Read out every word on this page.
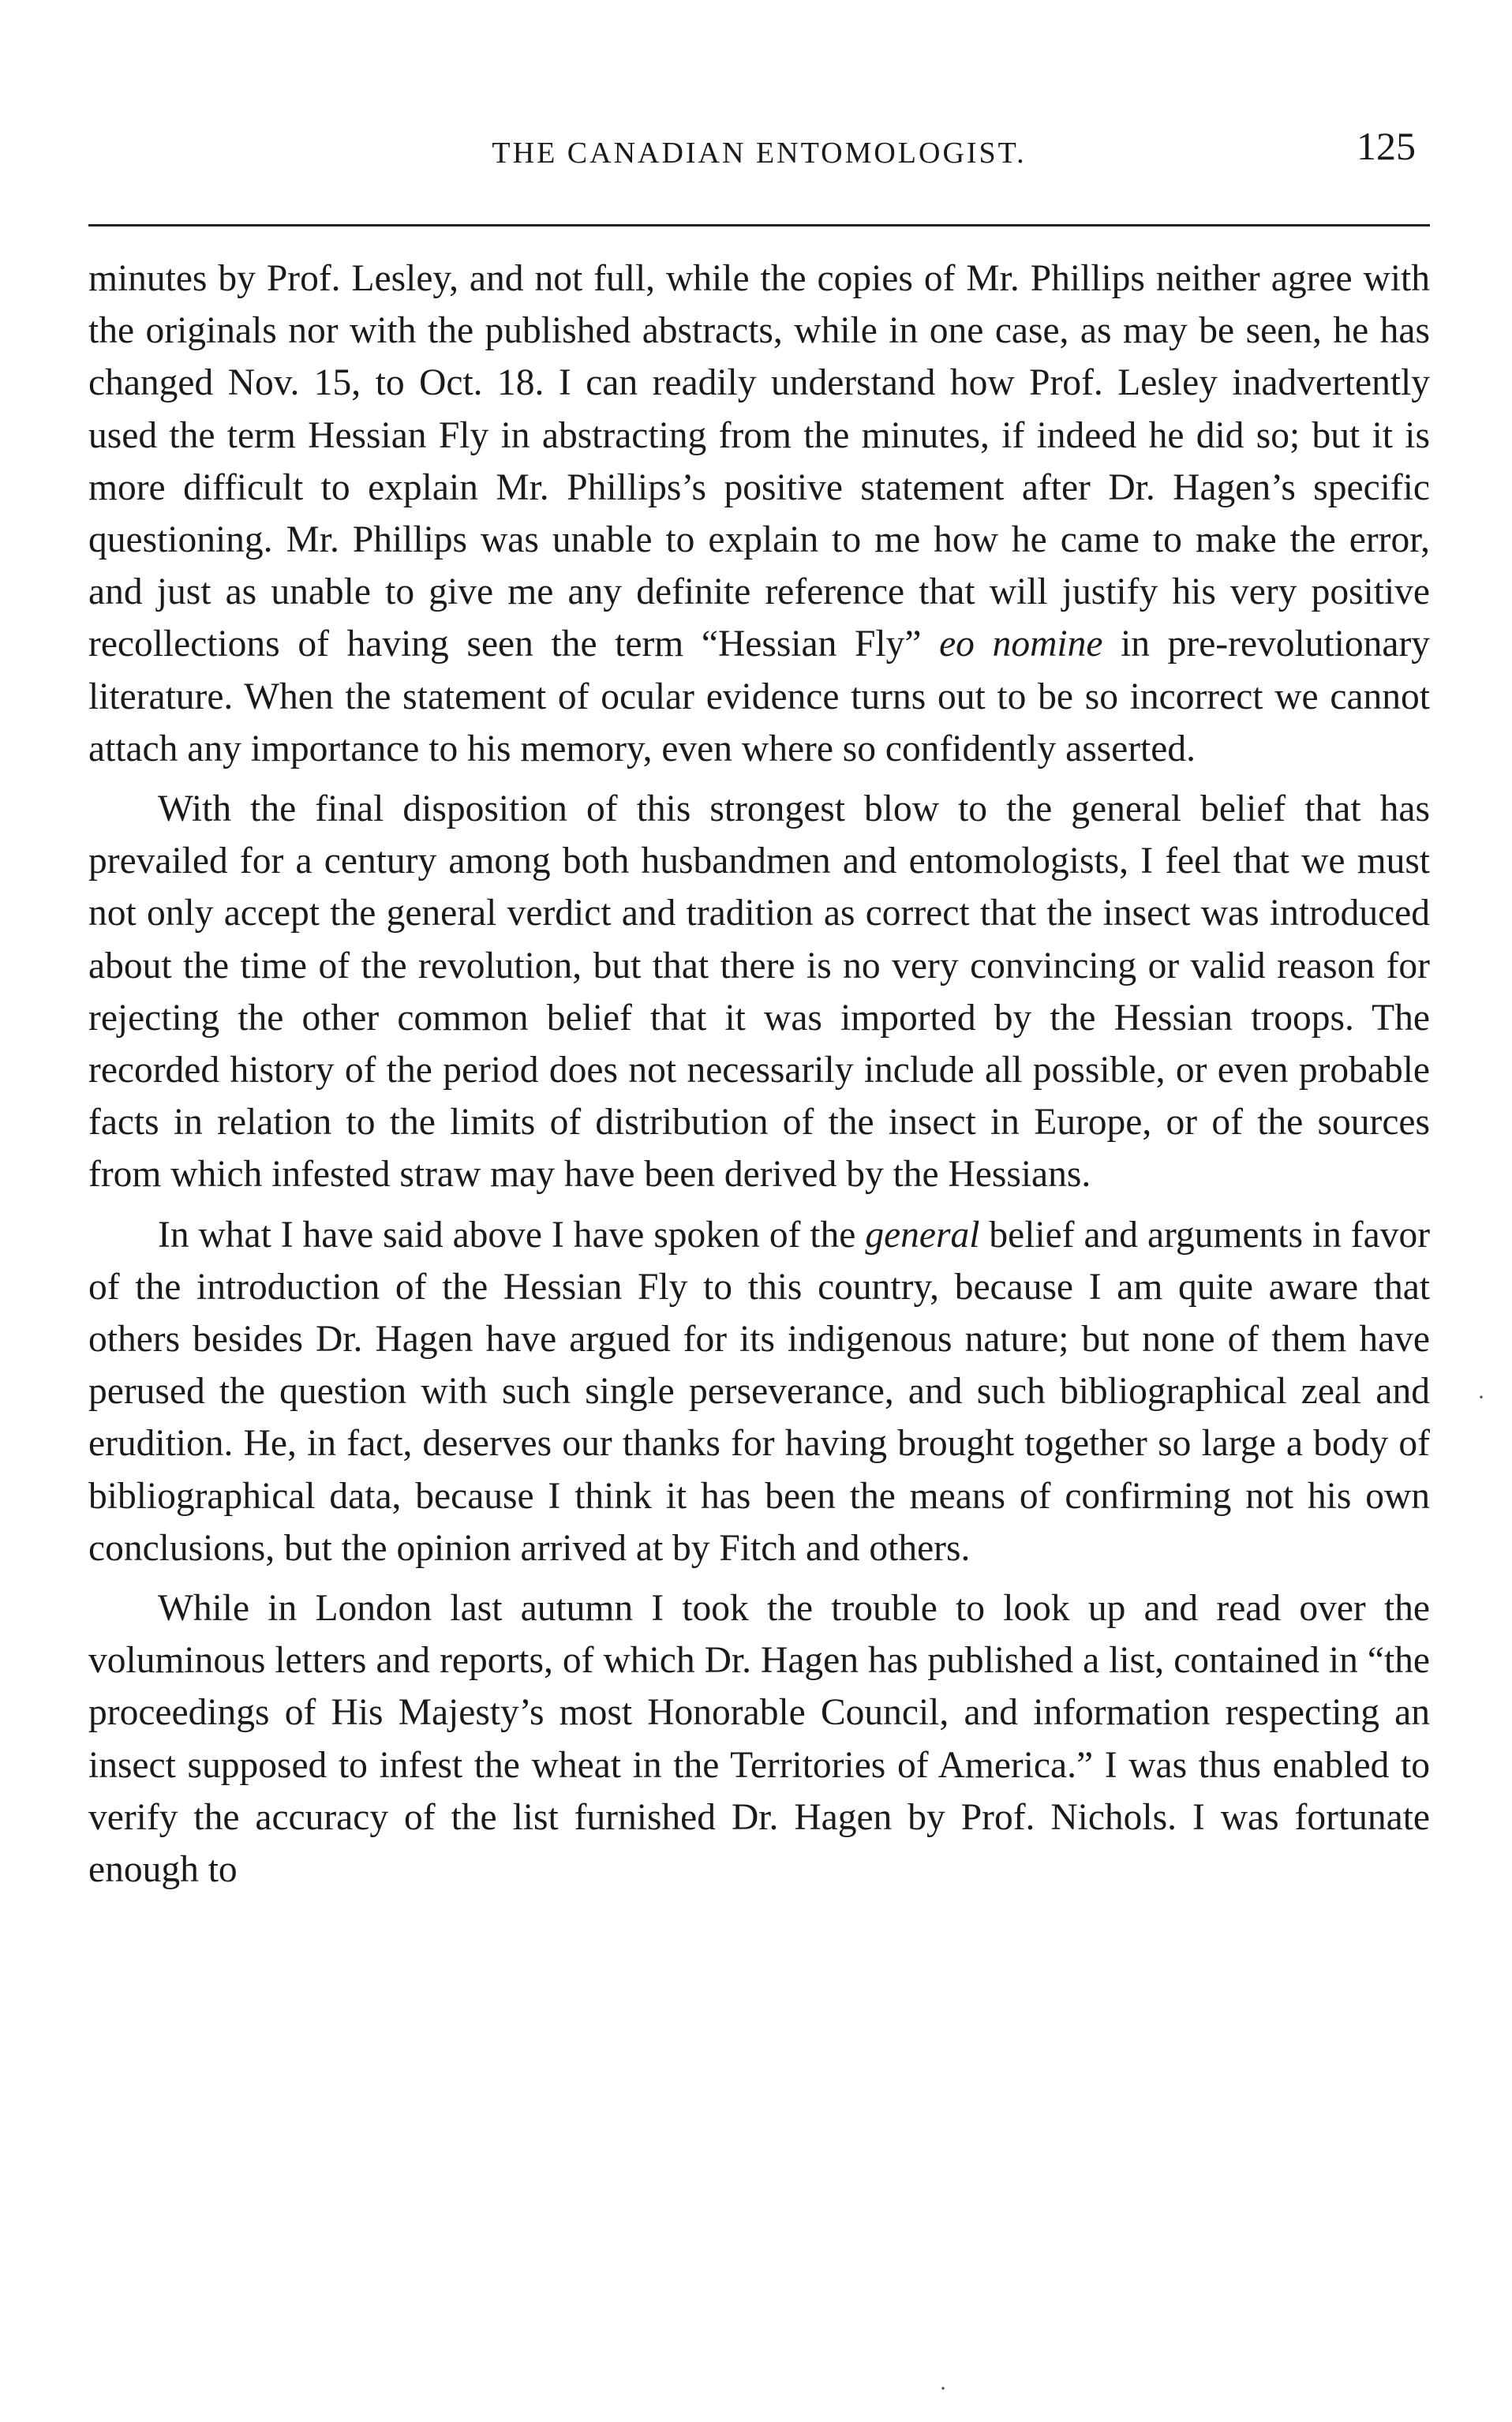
THE CANADIAN ENTOMOLOGIST.	125

minutes by Prof. Lesley, and not full, while the copies of Mr. Phillips neither agree with the originals nor with the published abstracts, while in one case, as may be seen, he has changed Nov. 15, to Oct. 18. I can readily understand how Prof. Lesley inadvertently used the term Hessian Fly in abstracting from the minutes, if indeed he did so; but it is more difficult to explain Mr. Phillips’s positive statement after Dr. Hagen’s specific questioning. Mr. Phillips was unable to explain to me how he came to make the error, and just as unable to give me any definite reference that will justify his very positive recollections of having seen the term “Hessian Fly” eo nomine in pre-revolutionary literature. When the statement of ocular evidence turns out to be so incorrect we cannot attach any importance to his memory, even where so confidently asserted.

With the final disposition of this strongest blow to the general belief that has prevailed for a century among both husbandmen and entomologists, I feel that we must not only accept the general verdict and tradition as correct that the insect was introduced about the time of the revolution, but that there is no very convincing or valid reason for rejecting the other common belief that it was imported by the Hessian troops. The recorded history of the period does not necessarily include all possible, or even probable facts in relation to the limits of distribution of the insect in Europe, or of the sources from which infested straw may have been derived by the Hessians.

In what I have said above I have spoken of the general belief and arguments in favor of the introduction of the Hessian Fly to this country, because I am quite aware that others besides Dr. Hagen have argued for its indigenous nature; but none of them have perused the question with such single perseverance, and such bibliographical zeal and erudition. He, in fact, deserves our thanks for having brought together so large a body of bibliographical data, because I think it has been the means of confirming not his own conclusions, but the opinion arrived at by Fitch and others.

While in London last autumn I took the trouble to look up and read over the voluminous letters and reports, of which Dr. Hagen has published a list, contained in “the proceedings of His Majesty’s most Honorable Council, and information respecting an insect supposed to infest the wheat in the Territories of America.” I was thus enabled to verify the accuracy of the list furnished Dr. Hagen by Prof. Nichols. I was fortunate enough to

·
·
